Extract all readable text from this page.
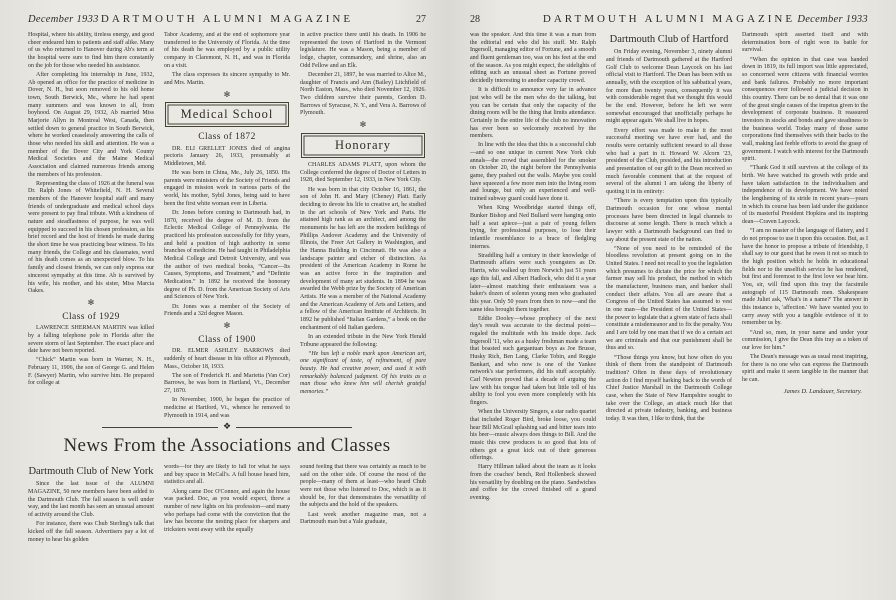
December 1933 DARTMOUTH ALUMNI MAGAZINE	27

Hospital, where his ability, tireless energy, and good cheer endeared him to patients and staff alike. Many of us who returned to Hanover during Ab's term at the hospital were sure to find him there constantly on the job for those who needed his assistance.

After completing his internship in June, 1932, Ab opened an office for the practice of medicine in Dover, N. H., but soon removed to his old home town, South Berwick, Me., where he had spent many summers and was known to all, from boyhood. On August 29, 1932, Ab married Miss Marjorie Allyn in Montreal West, Canada, then settled down to general practice in South Berwick, where he worked ceaselessly answering the calls of those who needed his skill and attention. He was a member of the Dover City and York County Medical Societies and the Maine Medical Association and claimed numerous friends among the members of his profession.

Representing the class of 1926 at the funeral was Dr. Ralph Jones of Whitefield, N. H. Several members of the Hanover hospital staff and many friends of undergraduate and medical school days were present to pay final tribute. With a kindness of nature and steadfastness of purpose, he was well equipped to succeed in his chosen profession, as his brief record and the host of friends he made during the short time he was practicing bear witness. To his many friends, the College and his classmates, word of his death comes as an unexpected blow. To his family and closest friends, we can only express our sincerest sympathy at this time. Ab is survived by his wife, his mother, and his sister, Miss Marcia Oakes.

✻
Class of 1929

LAWRENCE SHERMAN MARTIN was killed by a falling telephone pole in Florida after the severe storm of last September. The exact place and date have not been reported.

“Chick” Martin was born in Warner, N. H., February 11, 1906, the son of George G. and Helen F. (Sawyer) Martin, who survive him. He prepared for college at

Tabor Academy, and at the end of sophomore year transferred to the University of Florida. At the time of his death he was employed by a public utility company in Claremont, N. H., and was in Florida on a visit.

The class expresses its sincere sympathy to Mr. and Mrs. Martin.

✻
Medical School
Class of 1872

DR. ELI GRELLET JONES died of angina pectoris January 26, 1933, presumably at Middletown, Md.

He was born in China, Me., July 26, 1850. His parents were ministers of the Society of Friends and engaged in mission work in various parts of the world, his mother, Sybil Jones, being said to have been the first white woman ever in Liberia.

Dr. Jones before coming to Dartmouth had, in 1870, received the degree of M. D. from the Eclectic Medical College of Pennsylvania. He practiced his profession successfully for fifty years, and held a position of high authority in some branches of medicine. He had taught in Philadelphia Medical College and Detroit University, and was the author of two medical books, “Cancer—Its Causes, Symptoms, and Treatment,” and “Definite Medication.” In 1892 he received the honorary degree of Ph. D. from the American Society of Arts and Sciences of New York.

Dr. Jones was a member of the Society of Friends and a 32d degree Mason.

✻
Class of 1900

DR. ELMER ASHLEY BARROWS died suddenly of heart disease in his office at Plymouth, Mass., October 18, 1933.

The son of Frederick H. and Marietta (Van Cor) Barrows, he was born in Hartland, Vt., December 27, 1870.

In November, 1900, he began the practice of medicine at Hartford, Vt., whence he removed to Plymouth in 1914, and was

in active practice there until his death. In 1906 he represented the town of Hartford in the Vermont legislature. He was a Mason, being a member of lodge, chapter, commandery, and shrine, also an Odd Fellow and an Elk.

December 21, 1897, he was married to Alice M., daughter of Francis and Ann (Bailey) Litchfield of North Easton, Mass., who died November 12, 1926. Two children survive their parents, Gordon D. Barrows of Syracuse, N. Y., and Vera A. Barrows of Plymouth.

✻
Honorary

CHARLES ADAMS PLATT, upon whom the College conferred the degree of Doctor of Letters in 1928, died September 12, 1933, in New York City.

He was born in that city October 16, 1861, the son of John H. and Mary (Cheney) Platt. Early deciding to devote his life to creative art, he studied in the art schools of New York and Paris. He attained high rank as an architect, and among the monuments he has left are the modern buildings of Phillips Andover Academy and the University of Illinois, the Freer Art Gallery in Washington, and the Hanna Building in Cincinnati. He was also a landscape painter and etcher of distinction. As president of the American Academy in Rome he was an active force in the inspiration and development of many art students. In 1894 he was awarded the Webb prize by the Society of American Artists. He was a member of the National Academy and the American Academy of Arts and Letters, and a fellow of the American Institute of Architects. In 1892 he published “Italian Gardens,” a book on the enchantment of old Italian gardens.

In an extended tribute in the New York Herald Tribune appeared the following:

“He has left a noble mark upon American art, one significant of taste, of refinement, of pure beauty. He had creative power, and used it with remarkably balanced judgment. Of his traits as a man those who knew him will cherish grateful memories.”

❖
News From the Associations and Classes
Dartmouth Club of New York

Since the last issue of the ALUMNI MAGAZINE, 50 new members have been added to the Dartmouth Club. The fall season is well under way, and the last month has seen an unusual amount of activity around the Club.

For instance, there was Chub Sterling's talk that kicked off the fall season. Advertisers pay a lot of money to hear his golden

words—for they are likely to fall for what he says and buy space in McCall's. A full house heard him, statistics and all.

Along came Doc O'Connor, and again the house was packed. Doc, as you would expect, threw a number of new lights on his profession—and many who perhaps had come with the conviction that the law has become the nesting place for sharpers and tricksters went away with the equally

sound feeling that there was certainly as much to be said on the other side. Of course the most of the people—many of them at least—who heard Chub were not those who listened to Doc, which is as it should be, for that demonstrates the versatility of the subjects and the hold of the speakers.

Last week another magazine man, not a Dartmouth man but a Yale graduate,

28	DARTMOUTH ALUMNI MAGAZINE December 1933

was the speaker. And this time it was a man from the editorial end who did his stuff. Mr. Ralph Ingersoll, managing editor of Fortune, and a smooth and fluent gentleman too, was on his feet at the end of the season. As you might expect, the sidelights of editing such an unusual sheet as Fortune proved decidedly interesting to another capacity crowd.

It is difficult to announce very far in advance just who will be the men who do the talking, but you can be certain that only the capacity of the dining room will be the thing that limits attendance. Certainly in the entire life of the club no innovation has ever been so welcomely received by the members.

In line with the idea that this is a successful club—and so one unique in current New York club annals—the crowd that assembled for the smoker on October 20, the night before the Pennsylvania game, they pushed out the walls. Maybe you could have squeezed a few more men into the living room and lounge, but only an experienced and well-trained subway guard could have done it.

When King Woodbridge started things off, Bunker Bishop and Ned Bullard were hanging onto half a seat apiece—just a pair of young fellers trying, for professional purposes, to lose their infantile resemblance to a brace of fledgling internes.

Straddling half a century in their knowledge of Dartmouth affairs were such youngsters as Dr. Harris, who walked up from Norwich just 51 years ago this fall, and Albert Hadlock, who did it a year later—almost matching their enthusiasm was a baker's dozen of solemn young men who graduated this year. Only 50 years from then to now—and the same idea brought them together.

Eddie Dooley—whose prophecy of the next day's result was accurate to the decimal point—regaled the multitude with his inside dope. Jack Ingersoll '11, who as a husky freshman made a team that boasted such gargantuan boys as Joe Brusse, Husky Rich, Ben Lang, Clarke Tobin, and Reggie Bankart, and who now is one of the Yankee network's star performers, did his stuff acceptably. Carl Newton proved that a decade of arguing the law with his tongue had taken but little toll of his ability to fool you even more completely with his fingers.

When the University Singers, a star radio quartet that included Roger Bird, broke loose, you could hear Bill McGrail splashing sad and bitter tears into his beer—music always does things to Bill. And the music this crew produces is so good that lots of others got a great kick out of their generous offerings.

Harry Hillman talked about the team as it looks from the coaches' bench, Red Hollenbeck showed his versatility by doubling on the piano. Sandwiches and coffee for the crowd finished off a grand evening.

Dartmouth Club of Hartford

On Friday evening, November 3, ninety alumni and friends of Dartmouth gathered at the Hartford Golf Club to welcome Dean Laycock on his last official visit to Hartford. The Dean has been with us annually, with the exception of his sabbatical years, for more than twenty years, consequently it was with considerable regret that we thought this would be the end. However, before he left we were somewhat encouraged that unofficially perhaps he might appear again. We shall live in hopes.

Every effort was made to make it the most successful meeting we have ever had, and the results were certainly sufficient reward to all those who had a part in it. Howard W. Alcorn '23, president of the Club, presided, and his introduction and presentation of our gift to the Dean received so much favorable comment that at the request of several of the alumni I am taking the liberty of quoting it in its entirety:

“There is every temptation upon this typically Dartmouth occasion for one whose mental processes have been directed in legal channels to discourse at some length. There is much which a lawyer with a Dartmouth background can find to say about the present state of the nation.

“None of you need to be reminded of the bloodless revolution at present going on in the United States. I need not recall to you the legislation which presumes to dictate the price for which the farmer may sell his product, the method in which the manufacturer, business man, and banker shall conduct their affairs. You all are aware that a Congress of the United States has assumed to vest in one man—the President of the United States—the power to legislate that a given state of facts shall constitute a misdemeanor and to fix the penalty. You and I are told by one man that if we do a certain act we are criminals and that our punishment shall be thus and so.

“Those things you know, but how often do you think of them from the standpoint of Dartmouth tradition? Often in these days of revolutionary action do I find myself harking back to the words of Chief Justice Marshall in the Dartmouth College case, when the State of New Hampshire sought to take over the College, an attack much like that directed at private industry, banking, and business today. It was then, I like to think, that the

Dartmouth spirit asserted itself and with determination born of right won its battle for survival.

“When the opinion in that case was handed down in 1819, its full import was little appreciated, so concerned were citizens with financial worries and bank failures. Probably no more important consequences ever followed a judicial decision in this country. There can be no denial that it was one of the great single causes of the impetus given to the development of corporate business. It reassured investors in stocks and bonds and gave steadiness to the business world. Today many of those same corporations find themselves with their backs to the wall, making last feeble efforts to avoid the grasp of government. I watch with interest for the Dartmouth spirit.

“Thank God it still survives at the college of its birth. We have watched its growth with pride and have taken satisfaction in the individualism and independence of its development. We have noted the lengthening of its stride in recent years—years in which its course has been laid under the guidance of its masterful President Hopkins and its inspiring dean—Craven Laycock.

“I am no master of the language of flattery, and I do not propose to use it upon this occasion. But, as I have the honor to propose a tribute of friendship, I shall say to our guest that he owes it not so much to the high position which he holds in educational fields nor to the unselfish service he has rendered, but first and foremost to the first love we bear him. You, sir, will find upon this tray the facsimile autograph of 115 Dartmouth men. Shakespeare made Juliet ask, 'What's in a name?' The answer in this instance is, 'affection.' We have wanted you to carry away with you a tangible evidence of it to remember us by.

“And so, men, in your name and under your commission, I give the Dean this tray as a token of our love for him.”

The Dean's message was as usual most inspiring, for there is no one who can express the Dartmouth spirit and make it seem tangible in the manner that he can.

James D. Landauer, Secretary.
